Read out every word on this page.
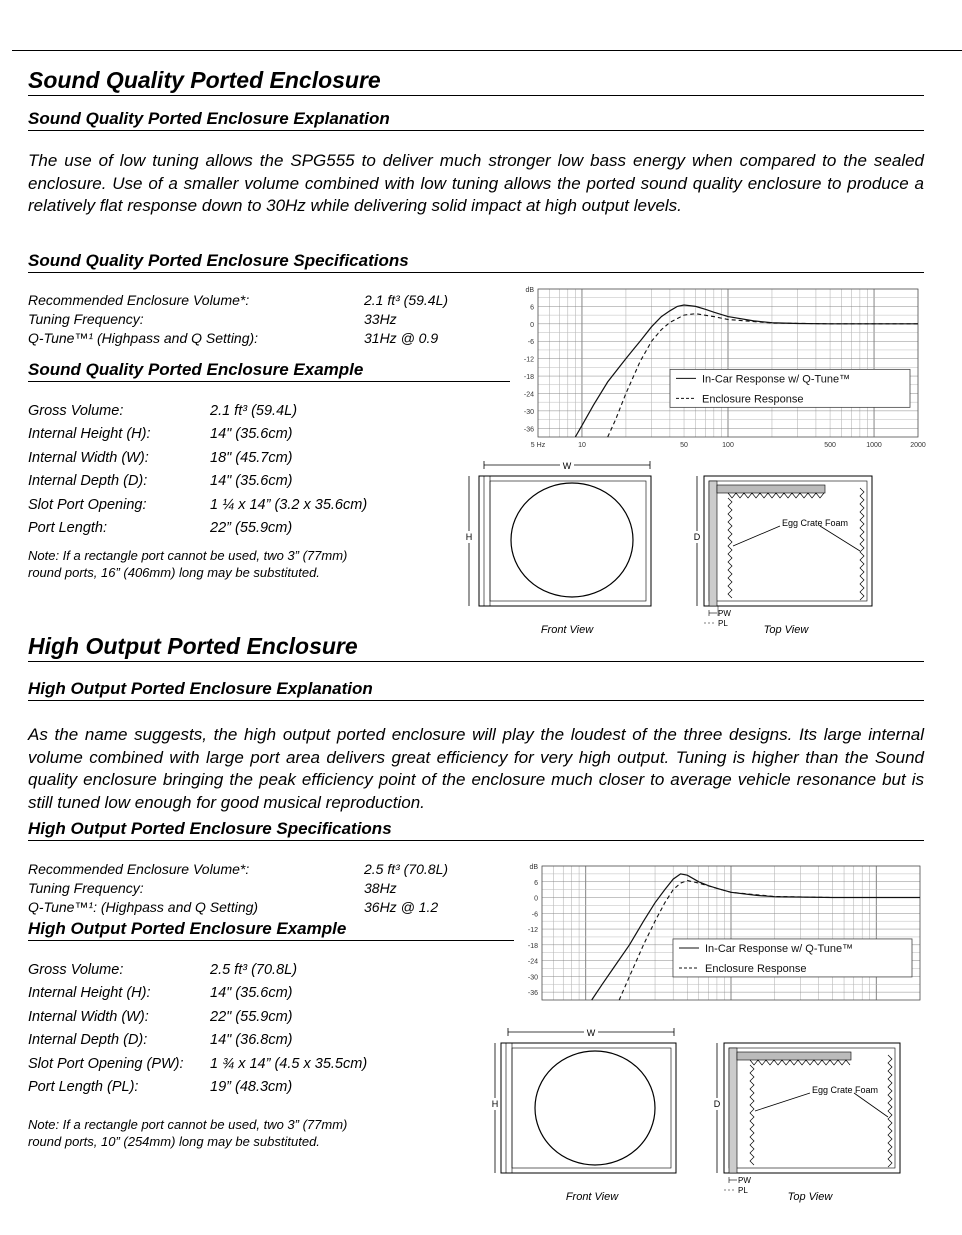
Sound Quality Ported Enclosure
Sound Quality Ported Enclosure Explanation
The use of low tuning allows the SPG555 to deliver much stronger low bass energy when compared to the sealed enclosure. Use of a smaller volume combined with low tuning allows the ported sound quality enclosure to produce a relatively flat response down to 30Hz while delivering solid impact at high output levels.
Sound Quality Ported Enclosure Specifications
Recommended Enclosure Volume*:	2.1 ft³ (59.4L)
Tuning Frequency:	33Hz
Q-Tune™¹ (Highpass and Q Setting):	31Hz @ 0.9
Sound Quality Ported Enclosure Example
Gross Volume:	2.1 ft³ (59.4L)
Internal Height (H):	14" (35.6cm)
Internal Width (W):	18" (45.7cm)
Internal Depth (D):	14" (35.6cm)
Slot Port Opening:	1 ¼ x 14” (3.2 x 35.6cm)
Port Length:	22” (55.9cm)
Note: If a rectangle port cannot be used, two 3” (77mm)
round ports, 16” (406mm) long may be substituted.
dB
6
0
-6
-12
-18
-24
-30
-36
5 Hz	10	50	100	500	1000	2000
In-Car Response w/ Q-Tune™
Enclosure Response
W
H
Front View
D
Egg Crate Foam
PW
PL
Top View
High Output Ported Enclosure
High Output Ported Enclosure Explanation
As the name suggests, the high output ported enclosure will play the loudest of the three designs. Its large internal volume combined with large port area delivers great efficiency for very high output. Tuning is higher than the Sound quality enclosure bringing the peak efficiency point of the enclosure much closer to average vehicle resonance but is still tuned low enough for good musical reproduction.
High Output Ported Enclosure Specifications
Recommended Enclosure Volume*:	2.5 ft³ (70.8L)
Tuning Frequency:	38Hz
Q-Tune™¹: (Highpass and Q Setting)	36Hz @ 1.2
High Output Ported Enclosure Example
Gross Volume:	2.5 ft³ (70.8L)
Internal Height (H):	14" (35.6cm)
Internal Width (W):	22" (55.9cm)
Internal Depth (D):	14" (36.8cm)
Slot Port Opening (PW): 1 ¾ x 14” (4.5 x 35.5cm)
Port Length (PL):	19” (48.3cm)
Note: If a rectangle port cannot be used, two 3” (77mm)
round ports, 10” (254mm) long may be substituted.
dB
6
0
-6
-12
-18
-24
-30
-36
In-Car Response w/ Q-Tune™
Enclosure Response
W
H
Front View
D
Egg Crate Foam
PW
PL
Top View
